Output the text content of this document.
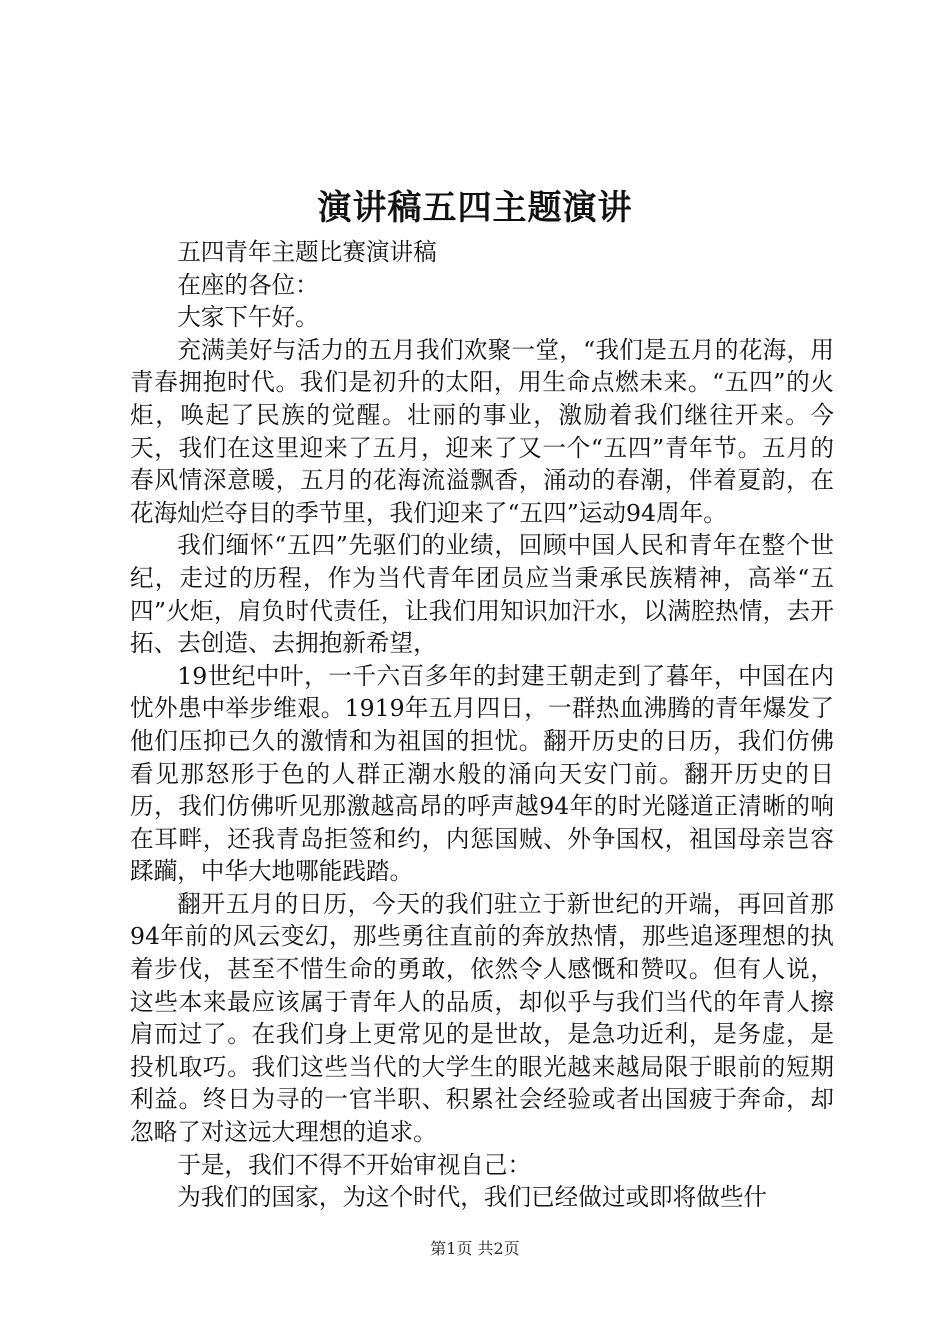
演讲稿五四主题演讲

五四青年主题比赛演讲稿

在座的各位：

大家下午好。

充满美好与活力的五月我们欢聚一堂，“我们是五月的花海，用青春拥抱时代。我们是初升的太阳，用生命点燃未来。“五四”的火炬，唤起了民族的觉醒。壮丽的事业，激励着我们继往开来。今天，我们在这里迎来了五月，迎来了又一个“五四”青年节。五月的春风情深意暖，五月的花海流溢飘香，涌动的春潮，伴着夏韵，在花海灿烂夺目的季节里，我们迎来了“五四”运动94周年。

我们缅怀“五四”先驱们的业绩，回顾中国人民和青年在整个世纪，走过的历程，作为当代青年团员应当秉承民族精神，高举“五四”火炬，肩负时代责任，让我们用知识加汗水，以满腔热情，去开拓、去创造、去拥抱新希望，

19世纪中叶，一千六百多年的封建王朝走到了暮年，中国在内忧外患中举步维艰。1919年五月四日，一群热血沸腾的青年爆发了他们压抑已久的激情和为祖国的担忧。翻开历史的日历，我们仿佛看见那怒形于色的人群正潮水般的涌向天安门前。翻开历史的日历，我们仿佛听见那激越高昂的呼声越94年的时光隧道正清晰的响在耳畔，还我青岛拒签和约，内惩国贼、外争国权，祖国母亲岂容蹂躏，中华大地哪能践踏。

翻开五月的日历，今天的我们驻立于新世纪的开端，再回首那94年前的风云变幻，那些勇往直前的奔放热情，那些追逐理想的执着步伐，甚至不惜生命的勇敢，依然令人感慨和赞叹。但有人说，这些本来最应该属于青年人的品质，却似乎与我们当代的年青人擦肩而过了。在我们身上更常见的是世故，是急功近利，是务虚，是投机取巧。我们这些当代的大学生的眼光越来越局限于眼前的短期利益。终日为寻的一官半职、积累社会经验或者出国疲于奔命，却忽略了对这远大理想的追求。

于是，我们不得不开始审视自己：

为我们的国家，为这个时代，我们已经做过或即将做些什

第1页 共2页
